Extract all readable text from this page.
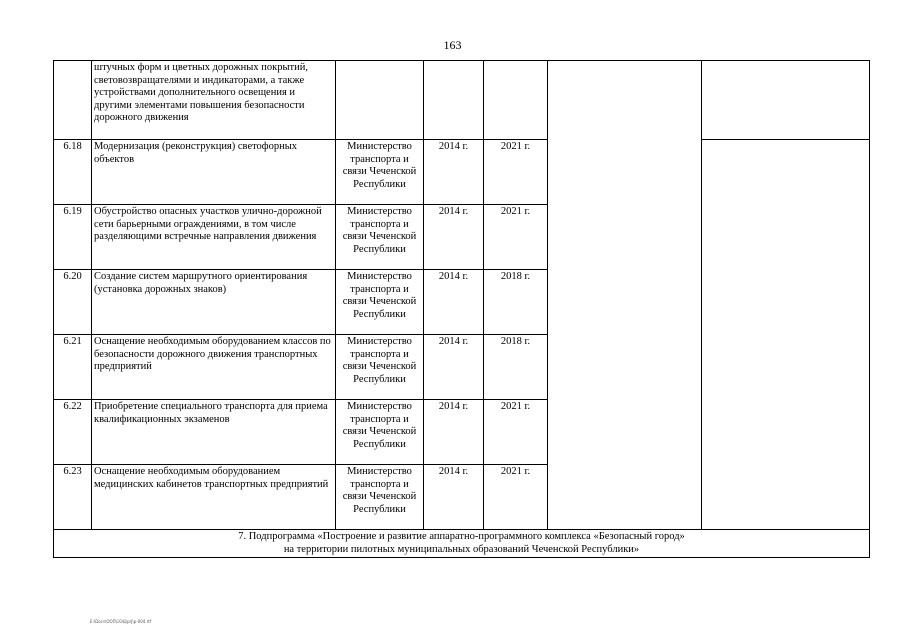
163
	штучных форм и цветных дорожных покрытий, световозвращателями и индикаторами, а также устройствами дополнительного освещения и другими элементами повышения безопасности дорожного движения					
6.18	Модернизация (реконструкция) светофорных объектов	Министерство транспорта и связи Чеченской Республики	2014 г.	2021 г.		
6.19	Обустройство опасных участков улично-дорожной сети барьерными ограждениями, в том числе разделяющими встречные направления движения	Министерство транспорта и связи Чеченской Республики	2014 г.	2021 г.		
6.20	Создание систем маршрутного ориентирования (установка дорожных знаков)	Министерство транспорта и связи Чеченской Республики	2014 г.	2018 г.		
6.21	Оснащение необходимым оборудованием классов по безопасности дорожного движения транспортных предприятий	Министерство транспорта и связи Чеченской Республики	2014 г.	2018 г.		
6.22	Приобретение специального транспорта для приема квалификационных экзаменов	Министерство транспорта и связи Чеченской Республики	2014 г.	2021 г.		
6.23	Оснащение необходимым оборудованием медицинских кабинетов транспортных предприятий	Министерство транспорта и связи Чеченской Республики	2014 г.	2021 г.		

7. Подпрограмма «Построение и развитие аппаратно-программного комплекса «Безопасный город»
на территории пилотных муниципальных образований Чеченской Республики»						
E:\Docs\ООП\ЭЭЦ\prj\p-004.rtf
